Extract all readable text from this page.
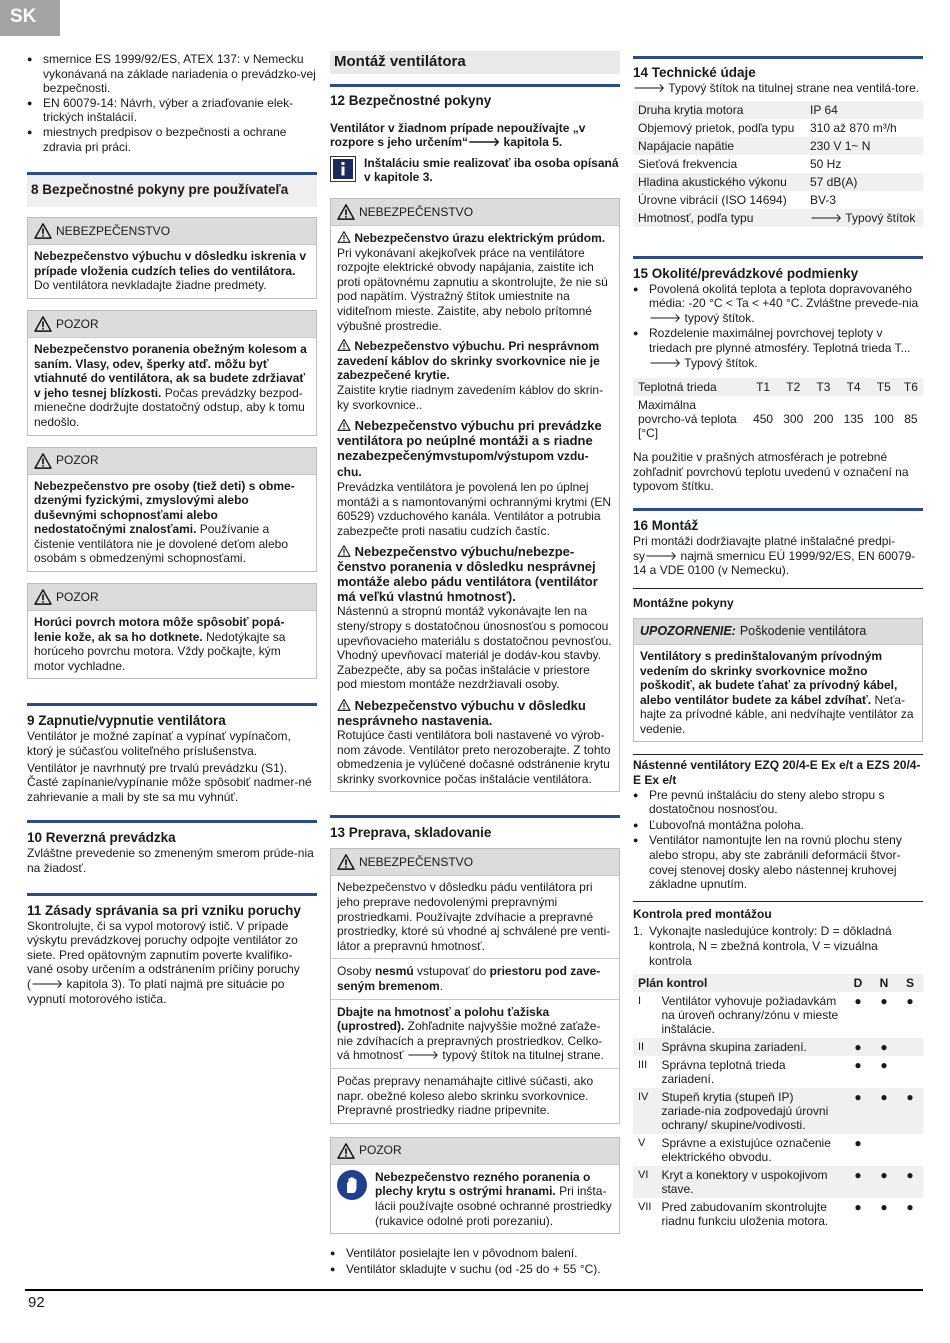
SK
● smernice ES 1999/92/ES, ATEX 137: v Nemecku vykonávaná na základe nariadenia o prevádzko-vej bezpečnosti.
● EN 60079-14: Návrh, výber a zriaďovanie elek-trických inštalácií.
● miestnych predpisov o bezpečnosti a ochrane zdravia pri práci.
8 Bezpečnostné pokyny pre používateľa
NEBEZPEČENSTVO
Nebezpečenstvo výbuchu v dôsledku iskrenia v prípade vloženia cudzích telies do ventilátora. Do ventilátora nevkladajte žiadne predmety.
POZOR
Nebezpečenstvo poranenia obežným kolesom a saním. Vlasy, odev, šperky atď. môžu byť vtiahnuté do ventilátora, ak sa budete zdržiavať v jeho tesnej blízkosti. Počas prevádzky bezpod-mienečne dodržujte dostatočný odstup, aby k tomu nedošlo.
POZOR
Nebezpečenstvo pre osoby (tiež deti) s obme-dzenými fyzickými, zmyslovými alebo duševnými schopnosťami alebo nedostatočnými znalosťami. Používanie a čistenie ventilátora nie je dovolené deťom alebo osobám s obmedzenými schopnosťami.
POZOR
Horúci povrch motora môže spôsobiť popá-lenie kože, ak sa ho dotknete. Nedotýkajte sa horúceho povrchu motora. Vždy počkajte, kým motor vychladne.
9 Zapnutie/vypnutie ventilátora

Ventilátor je možné zapínať a vypínať vypínačom, ktorý je súčasťou voliteľného príslušenstva.

Ventilátor je navrhnutý pre trvalú prevádzku (S1). Časté zapínanie/vypínanie môže spôsobiť nadmer-né zahrievanie a mali by ste sa mu vyhnúť.

10 Reverzná prevádzka

Zvláštne prevedenie so zmeneným smerom prúde-nia na žiadosť.

11 Zásady správania sa pri vzniku poruchy

Skontrolujte, či sa vypol motorový istič. V prípade výskytu prevádzkovej poruchy odpojte ventilátor zo siete. Pred opätovným zapnutím poverte kvalifiko-vané osoby určením a odstránením príčiny poruchy (🡒 kapitola 3). To platí najmä pre situácie po vypnutí motorového ističa.

Montáž ventilátora
12 Bezpečnostné pokyny

Ventilátor v žiadnom prípade nepoužívajte „v rozpore s jeho určením“🡒 kapitola 5.

Inštaláciu smie realizovať iba osoba opísaná v kapitole 3.
NEBEZPEČENSTVO

Nebezpečenstvo úrazu elektrickým prúdom.

Pri vykonávaní akejkoľvek práce na ventilátore rozpojte elektrické obvody napájania, zaistite ich proti opätovnému zapnutiu a skontrolujte, že nie sú pod napätím. Výstražný štítok umiestnite na viditeľnom mieste. Zaistite, aby nebolo prítomné výbušné prostredie.

Nebezpečenstvo výbuchu. Pri nesprávnom zavedení káblov do skrinky svorkovnice nie je zabezpečené krytie.

Zaistite krytie riadnym zavedením káblov do skrin-ky svorkovnice..

Nebezpečenstvo výbuchu pri prevádzke ventilátora po neúplné montáži a s riadne nezabezpečenýmvstupom/výstupom vzdu-chu.

Prevádzka ventilátora je povolená len po úplnej montáži a s namontovanými ochrannými krytmi (EN 60529) vzduchového kanála. Ventilátor a potrubia zabezpečte proti nasatiu cudzích častíc.

Nebezpečenstvo výbuchu/nebezpe-čenstvo poranenia v dôsledku nesprávnej montáže alebo pádu ventilátora (ventilátor má veľkú vlastnú hmotnosť).

Nástennú a stropnú montáž vykonávajte len na steny/stropy s dostatočnou únosnosťou s pomocou upevňovacieho materiálu s dostatočnou pevnosťou. Vhodný upevňovací materiál je dodáv-kou stavby. Zabezpečte, aby sa počas inštalácie v priestore pod miestom montáže nezdržiavali osoby.

Nebezpečenstvo výbuchu v dôsledku nesprávneho nastavenia.

Rotujúce časti ventilátora boli nastavené vo výrob-nom závode. Ventilátor preto nerozoberajte. Z tohto obmedzenia je vylúčené dočasné odstránenie krytu skrinky svorkovnice počas inštalácie ventilátora.

13 Preprava, skladovanie
NEBEZPEČENSTVO

Nebezpečenstvo v dôsledku pádu ventilátora pri jeho preprave nedovolenými prepravnými prostriedkami. Používajte zdvíhacie a prepravné prostriedky, ktoré sú vhodné aj schválené pre venti-látor a prepravnú hmotnosť.

Osoby nesmú vstupovať do priestoru pod zave-seným bremenom.

Dbajte na hmotnosť a polohu ťažiska (uprostred). Zohľadnite najvyššie možné zaťaže-nie zdvíhacích a prepravných prostriedkov. Celko-vá hmotnosť 🡒 typový štítok na titulnej strane.

Počas prepravy nenamáhajte citlivé súčasti, ako napr. obežné koleso alebo skrinku svorkovnice. Prepravné prostriedky riadne pripevnite.

POZOR

Nebezpečenstvo rezného poranenia o plechy krytu s ostrými hranami. Pri inšta-lácii používajte osobné ochranné prostriedky (rukavice odolné proti porezaniu).

● Ventilátor posielajte len v pôvodnom balení.
● Ventilátor skladujte v suchu (od -25 do + 55 °C).
14 Technické údaje

🡒 Typový štítok na titulnej strane nea ventilá-tore.

Druha krytia motora	IP 64
Objemový prietok, podľa typu	310 až 870 m³/h
Napájacie napätie	230 V 1~ N
Sieťová frekvencia	50 Hz
Hladina akustického výkonu	57 dB(A)
Úrovne vibrácií (ISO 14694)	BV-3
Hmotnosť, podľa typu	🡒 Typový štítok
15 Okolité/prevádzkové podmienky
● Povolená okolitá teplota a teplota dopravovaného média: -20 °C < Ta < +40 °C. Zvláštne prevede-nia 🡒 typový štítok.
● Rozdelenie maximálnej povrchovej teploty v triedach pre plynné atmosféry. Teplotná trieda T... 🡒 Typový štítok.
Teplotná trieda	T1	T2	T3	T4	T5	T6
Maximálna povrcho-vá teplota [°C]	450	300	200	135	100	85

Na použitie v prašných atmosférach je potrebné zohľadniť povrchovú teplotu uvedenú v označení na typovom štítku.

16 Montáž

Pri montáži dodržiavajte platné inštalačné predpi-sy🡒 najmä smernicu EÚ 1999/92/ES, EN 60079-14 a VDE 0100 (v Nemecku).

Montážne pokyny
UPOZORNENIE: Poškodenie ventilátora
Ventilátory s predinštalovaným prívodným vedením do skrinky svorkovnice možno poškodiť, ak budete ťahať za prívodný kábel, alebo ventilátor budete za kábel zdvíhať. Neťa-hajte za prívodné káble, ani nedvíhajte ventilátor za vedenie.
Nástenné ventilátory EZQ 20/4-E Ex e/t a EZS 20/4-E Ex e/t
● Pre pevnú inštaláciu do steny alebo stropu s dostatočnou nosnosťou.
● Ľubovoľná montážna poloha.
● Ventilátor namontujte len na rovnú plochu steny alebo stropu, aby ste zabránili deformácii štvor-covej stenovej dosky alebo nástennej kruhovej základne upnutím.
Kontrola pred montážou
1. Vykonajte nasledujúce kontroly: D = dôkladná kontrola, N = zbežná kontrola, V = vizuálna kontrola
Plán kontrol		D	N	S
I	Ventilátor vyhovuje požiadavkám na úroveň ochrany/zónu v mieste inštalácie.	●	●	●
II	Správna skupina zariadení.	●	●	
III	Správna teplotná trieda zariadení.	●	●	
IV	Stupeň krytia (stupeň IP) zariade-nia zodpovedajú úrovni ochrany/ skupine/vodivosti.	●	●	●
V	Správne a existujúce označenie elektrického obvodu.	●		
VI	Kryt a konektory v uspokojivom stave.	●	●	●
VII	Pred zabudovaním skontrolujte riadnu funkciu uloženia motora.	●	●	●
92
